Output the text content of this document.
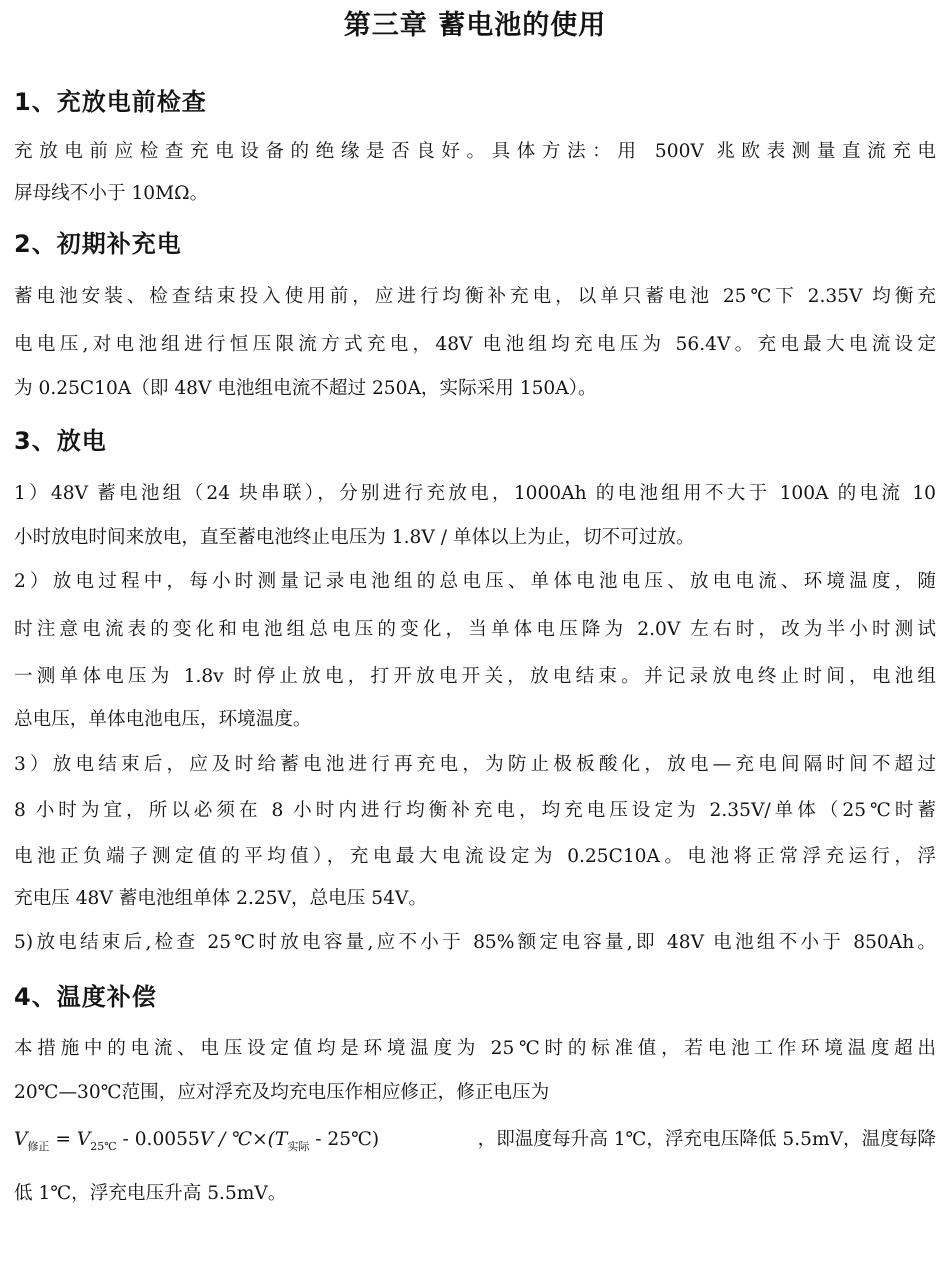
第三章 蓄电池的使用
1、充放电前检查

充放电前应检查充电设备的绝缘是否良好。具体方法：用 500V 兆欧表测量直流充电

屏母线不小于 10MΩ。

2、初期补充电

蓄电池安装、检查结束投入使用前，应进行均衡补充电，以单只蓄电池 25℃下 2.35V 均衡充

电电压,对电池组进行恒压限流方式充电，48V 电池组均充电压为 56.4V。充电最大电流设定

为 0.25C10A（即 48V 电池组电流不超过 250A，实际采用 150A）。

3、放电

1）48V 蓄电池组（24 块串联），分别进行充放电，1000Ah 的电池组用不大于 100A 的电流 10

小时放电时间来放电，直至蓄电池终止电压为 1.8V / 单体以上为止，切不可过放。

2）放电过程中，每小时测量记录电池组的总电压、单体电池电压、放电电流、环境温度，随

时注意电流表的变化和电池组总电压的变化，当单体电压降为 2.0V 左右时，改为半小时测试

一测单体电压为 1.8v 时停止放电，打开放电开关，放电结束。并记录放电终止时间，电池组

总电压，单体电池电压，环境温度。

3）放电结束后，应及时给蓄电池进行再充电，为防止极板酸化，放电—充电间隔时间不超过

8 小时为宜，所以必须在 8 小时内进行均衡补充电，均充电压设定为 2.35V/单体（25℃时蓄

电池正负端子测定值的平均值），充电最大电流设定为 0.25C10A。电池将正常浮充运行，浮

充电压 48V 蓄电池组单体 2.25V，总电压 54V。

5)放电结束后,检查 25℃时放电容量,应不小于 85%额定电容量,即 48V 电池组不小于 850Ah。

4、温度补偿

本措施中的电流、电压设定值均是环境温度为 25℃时的标准值，若电池工作环境温度超出

20℃—30℃范围，应对浮充及均充电压作相应修正，修正电压为

$V_{修正} = V_{25℃} - 0.0055V$ / $℃\times(T_{实际}$ - 25℃)	，即温度每升高 1℃，浮充电压降低 5.5mV，温度每降

低 1℃，浮充电压升高 5.5mV。
